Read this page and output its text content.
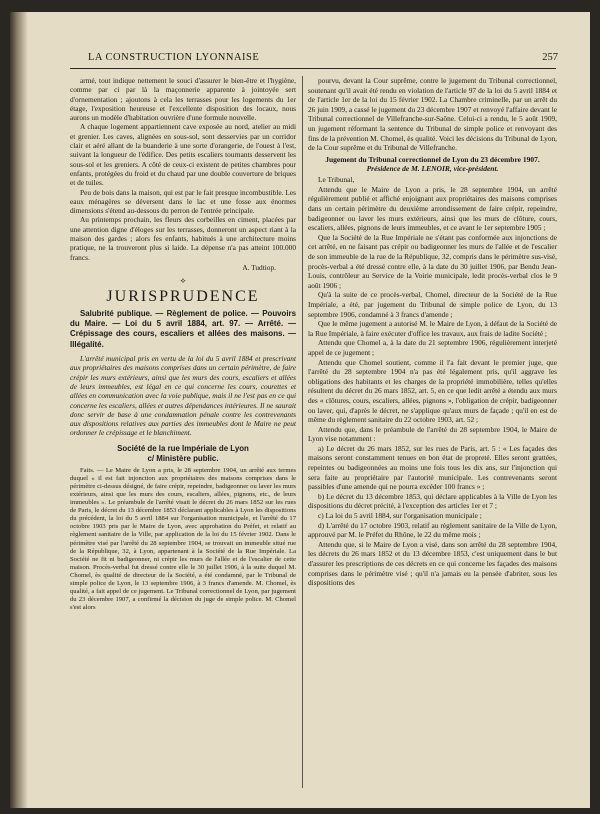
LA CONSTRUCTION LYONNAISE	257

armé, tout indique nettement le souci d'assurer le bien-être et l'hygiène, comme par ci par là la maçonnerie apparente à jointoyée sert d'ornementation ; ajoutons à cela les terrasses pour les logements du 1er étage, l'exposition heureuse et l'excellente disposition des locaux, nous aurons un modèle d'habitation ouvrière d'une formule nouvelle.

A chaque logement appartiennent cave exposée au nord, atelier au midi et grenier. Les caves, alignées en sous-sol, sont desservies par un corridor clair et aéré allant de la buanderie à une sorte d'orangerie, de l'ouest à l'est, suivant la longueur de l'édifice. Des petits escaliers tournants desservent les sous-sol et les greniers. A côté de ceux-ci existent de petites chambres pour enfants, protégées du froid et du chaud par une double couverture de briques et de tuiles.

Peu de bois dans la maison, qui est par le fait presque incombustible. Les eaux ménagères se déversent dans le lac et une fosse aux énormes dimensions s'étend au-dessous du perron de l'entrée principale.

Au printemps prochain, les fleurs des corbeilles en ciment, placées par une attention digne d'éloges sur les terrasses, donneront un aspect riant à la maison des gardes ; alors fes enfants, habitués à une architecture moins pratique, ne la trouveront plus si laide. La dépense n'a pas atteint 100.000 francs.

A. Tudtiop.

⟡
JURISPRUDENCE

Salubrité publique. — Règlement de police. — Pouvoirs du Maire. — Loi du 5 avril 1884, art. 97. — Arrêté. — Crépissage des cours, escaliers et allées des maisons. — Illégalité.

L'arrêté municipal pris en vertu de la loi du 5 avril 1884 et prescrivant aux propriétaires des maisons comprises dans un certain périmètre, de faire crépir les murs extérieurs, ainsi que les murs des cours, escaliers et allées de leurs immeubles, est légal en ce qui concerne les cours, courettes et allées en communication avec la voie publique, mais il ne l'est pas en ce qui concerne les escaliers, allées et autres dépendances intérieures. Il ne saurait donc servir de base à une condamnation pénale contre les contrevenants aux dispositions relatives aux parties des immeubles dont le Maire ne peut ordonner le crépissage et le blanchiment.

Société de la rue Impériale de Lyon
c/ Ministère public.

Faits. — Le Maire de Lyon a pris, le 28 septembre 1904, un arrêté aux termes duquel « il est fait injonction aux propriétaires des maisons comprises dans le périmètre ci-dessus désigné, de faire crépir, repeindre, badigeonner ou laver les murs extérieurs, ainsi que les murs des cours, escaliers, allées, pignons, etc., de leurs immeubles ». Le préambule de l'arrêté visait le décret du 26 mars 1852 sur les rues de Paris, le décret du 13 décembre 1853 déclarant applicables à Lyon les dispositions du précédent, la loi du 5 avril 1884 sur l'organisation municipale, et l'arrêté du 17 octobre 1903 pris par le Maire de Lyon, avec approbation du Préfet, et relatif au règlement sanitaire de la Ville, par application de la loi du 15 février 1902. Dans le périmètre visé par l'arrêté du 28 septembre 1904, se trouvait un immeuble situé rue de la République, 32, à Lyon, appartenant à la Société de la Rue Impériale. La Société ne fit ni badigeonner, ni crépir les murs de l'allée et de l'escalier de cette maison. Procès-verbal fut dressé contre elle le 30 juillet 1906, à la suite duquel M. Chomel, ès qualité de directeur de la Société, a été condamné, par le Tribunal de simple police de Lyon, le 13 septembre 1906, à 3 francs d'amende. M. Chomel, ès qualité, a fait appel de ce jugement. Le Tribunal correctionnel de Lyon, par jugement du 23 décembre 1907, a confirmé la décision du juge de simple police. M. Chomel s'est alors

pourvu, devant la Cour suprême, contre le jugement du Tribunal correctionnel, soutenant qu'il avait été rendu en violation de l'article 97 de la loi du 5 avril 1884 et de l'article 1er de la loi du 15 février 1902. La Chambre criminelle, par un arrêt du 26 juin 1909, a cassé le jugement du 23 décembre 1907 et renvoyé l'affaire devant le Tribunal correctionnel de Villefranche-sur-Saône. Celui-ci a rendu, le 5 août 1909, un jugement réformant la sentence du Tribunal de simple police et renvoyant des fins de la prévention M. Chomel, ès qualité. Voici les décisions du Tribunal de Lyon, de la Cour suprême et du Tribunal de Villefranche.

Jugement du Tribunal correctionnel de Lyon du 23 décembre 1907.
Présidence de M. LENOIR, vice-président.

Le Tribunal,

Attendu que le Maire de Lyon a pris, le 28 septembre 1904, un arrêté régulièrement publié et affiché enjoignant aux propriétaires des maisons comprises dans un certain périmètre du deuxième arrondissement de faire crépir, repeindre, badigeonner ou laver les murs extérieurs, ainsi que les murs de clôture, cours, escaliers, allées, pignons de leurs immeubles, et ce avant le 1er septembre 1905 ;

Que la Société de la Rue Impériale ne s'étant pas conformée aux injonctions de cet arrêté, en ne faisant pas crépir ou badigeonner les murs de l'allée et de l'escalier de son immeuble de la rue de la République, 32, compris dans le périmètre sus-visé, procès-verbal a été dressé contre elle, à la date du 30 juillet 1906, par Bendu Jean-Louis, contrôleur au Service de la Voirie municipale, ledit procès-verbal clos le 9 août 1906 ;

Qu'à la suite de ce procès-verbal, Chomel, directeur de la Société de la Rue Impériale, a été, par jugement du Tribunal de simple police de Lyon, du 13 septembre 1906, condamné à 3 francs d'amende ;

Que le même jugement a autorisé M. le Maire de Lyon, à défaut de la Société de la Rue Impériale, à faire exécuter d'office les travaux, aux frais de ladite Société ;

Attendu que Chomel a, à la date du 21 septembre 1906, régulièrement interjeté appel de ce jugement ;

Attendu que Chomel soutient, comme il l'a fait devant le premier juge, que l'arrêté du 28 septembre 1904 n'a pas été légalement pris, qu'il aggrave les obligations des habitants et les charges de la propriété immobilière, telles qu'elles résultent du décret du 26 mars 1852, art. 5, en ce que ledit arrêté a étendu aux murs des « clôtures, cours, escaliers, allées, pignons », l'obligation de crépir, badigeonner ou laver, qui, d'après le décret, ne s'applique qu'aux murs de façade ; qu'il en est de même du règlement sanitaire du 22 octobre 1903, art. 52 ;

Attendu que, dans le préambule de l'arrêté du 28 septembre 1904, le Maire de Lyon vise notamment :

a) Le décret du 26 mars 1852, sur les rues de Paris, art. 5 : « Les façades des maisons seront constamment tenues en bon état de propreté. Elles seront grattées, repeintes ou badigeonnées au moins une fois tous les dix ans, sur l'injonction qui sera faite au propriétaire par l'autorité municipale. Les contrevenants seront passibles d'une amende qui ne pourra excéder 100 francs » ;

b) Le décret du 13 décembre 1853, qui déclare applicables à la Ville de Lyon les dispositions du décret précité, à l'exception des articles 1er et 7 ;

c) La loi du 5 avril 1884, sur l'organisation municipale ;

d) L'arrêté du 17 octobre 1903, relatif au règlement sanitaire de la Ville de Lyon, approuvé par M. le Préfet du Rhône, le 22 du même mois ;

Attendu que, si le Maire de Lyon a visé, dans son arrêté du 28 septembre 1904, les décrets du 26 mars 1852 et du 13 décembre 1853, c'est uniquement dans le but d'assurer les prescriptions de ces décrets en ce qui concerne les façades des maisons comprises dans le périmètre visé ; qu'il n'a jamais eu la pensée d'abriter, sous les dispositions des
